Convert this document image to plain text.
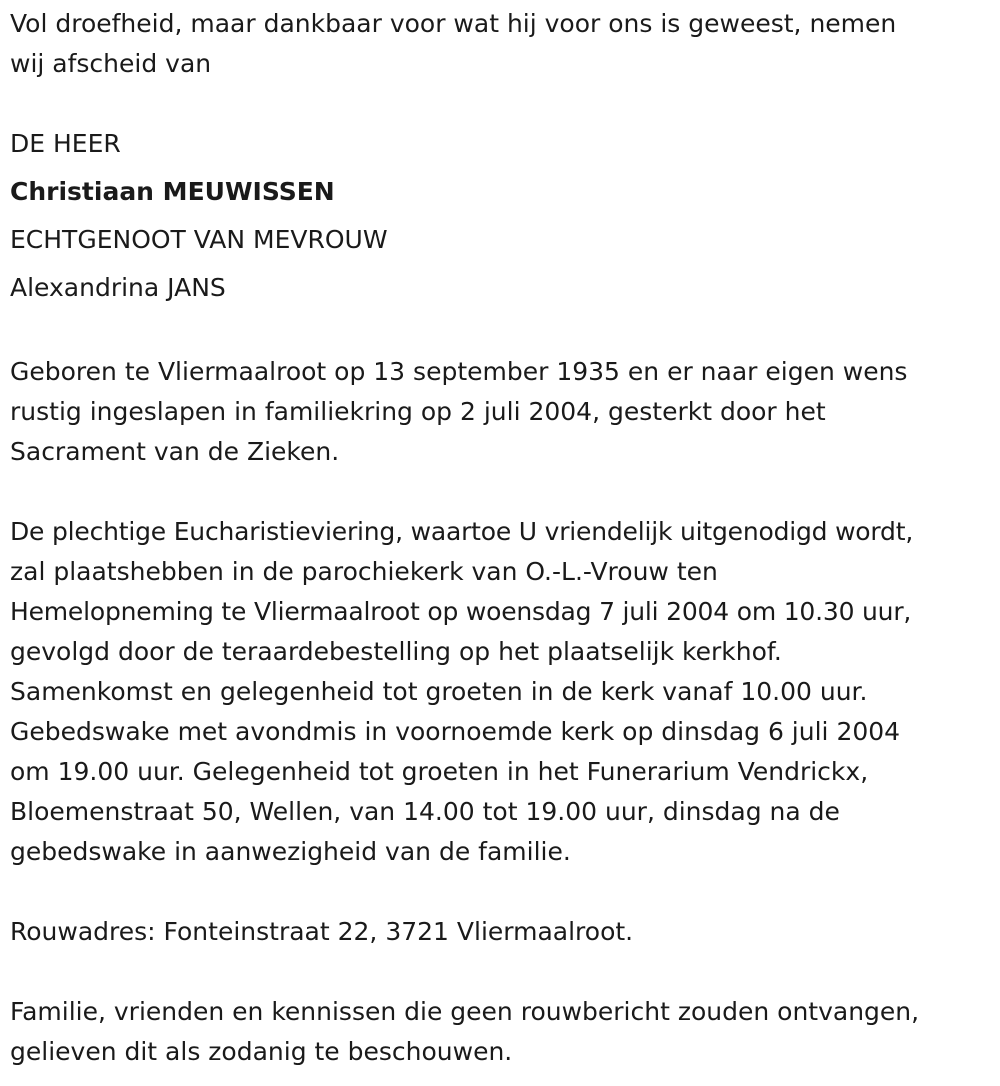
Vol droefheid, maar dankbaar voor wat hij voor ons is geweest, nemen
wij afscheid van
DE HEER
Christiaan MEUWISSEN
ECHTGENOOT VAN MEVROUW
Alexandrina JANS
Geboren te Vliermaalroot op 13 september 1935 en er naar eigen wens
rustig ingeslapen in familiekring op 2 juli 2004, gesterkt door het
Sacrament van de Zieken.
De plechtige Eucharistieviering, waartoe U vriendelijk uitgenodigd wordt,
zal plaatshebben in de parochiekerk van O.-L.-Vrouw ten
Hemelopneming te Vliermaalroot op woensdag 7 juli 2004 om 10.30 uur,
gevolgd door de teraardebestelling op het plaatselijk kerkhof.
Samenkomst en gelegenheid tot groeten in de kerk vanaf 10.00 uur.
Gebedswake met avondmis in voornoemde kerk op dinsdag 6 juli 2004
om 19.00 uur. Gelegenheid tot groeten in het Funerarium Vendrickx,
Bloemenstraat 50, Wellen, van 14.00 tot 19.00 uur, dinsdag na de
gebedswake in aanwezigheid van de familie.
Rouwadres: Fonteinstraat 22, 3721 Vliermaalroot.
Familie, vrienden en kennissen die geen rouwbericht zouden ontvangen,
gelieven dit als zodanig te beschouwen.
